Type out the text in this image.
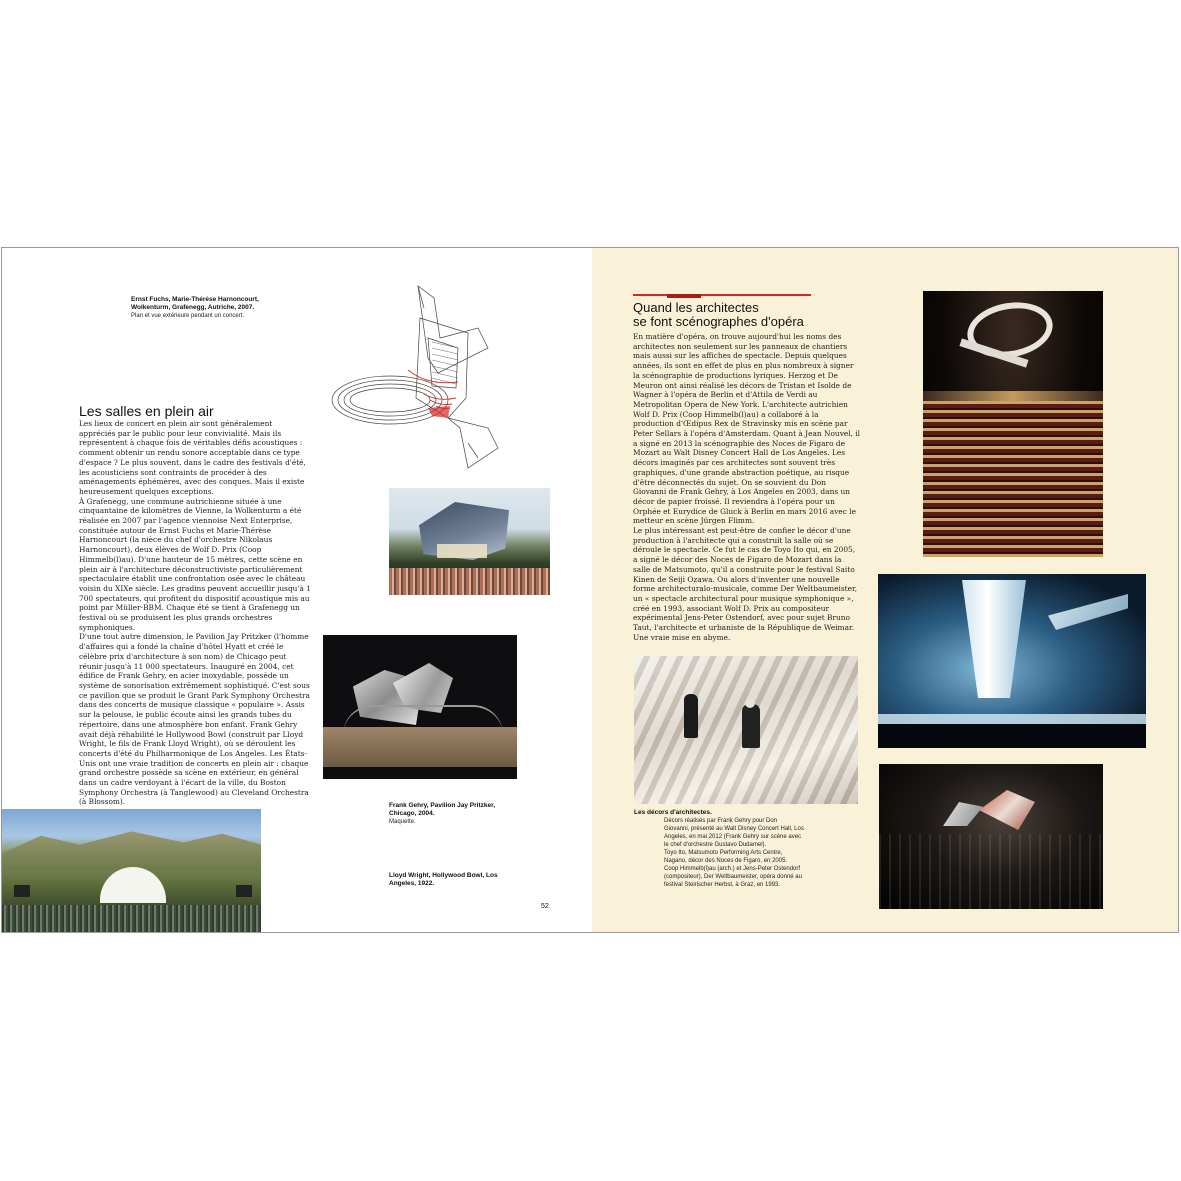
Ernst Fuchs, Marie-Thérèse Harnoncourt, Wolkenturm, Grafenegg, Autriche, 2007.
Plan et vue extérieure pendant un concert.
Les salles en plein air

Les lieux de concert en plein air sont généralement appréciés par le public pour leur convivialité. Mais ils représentent à chaque fois de véritables défis acoustiques : comment obtenir un rendu sonore acceptable dans ce type d'espace ? Le plus souvent, dans le cadre des festivals d'été, les acousticiens sont contraints de procéder à des aménagements éphémères, avec des conques. Mais il existe heureusement quelques exceptions.

À Grafenegg, une commune autrichienne située à une cinquantaine de kilomètres de Vienne, la Wolkenturm a été réalisée en 2007 par l'agence viennoise Next Enterprise, constituée autour de Ernst Fuchs et Marie-Thérèse Harnoncourt (la nièce du chef d'orchestre Nikolaus Harnoncourt), deux élèves de Wolf D. Prix (Coop Himmelb(l)au). D'une hauteur de 15 mètres, cette scène en plein air à l'architecture déconstructiviste particulièrement spectaculaire établit une confrontation osée avec le château voisin du XIXe siècle. Les gradins peuvent accueillir jusqu'à 1 700 spectateurs, qui profitent du dispositif acoustique mis au point par Müller-BBM. Chaque été se tient à Grafenegg un festival où se produisent les plus grands orchestres symphoniques.

D'une tout autre dimension, le Pavilion Jay Pritzker (l'homme d'affaires qui a fondé la chaîne d'hôtel Hyatt et créé le célèbre prix d'architecture à son nom) de Chicago peut réunir jusqu'à 11 000 spectateurs. Inauguré en 2004, cet édifice de Frank Gehry, en acier inoxydable, possède un système de sonorisation extrêmement sophistiqué. C'est sous ce pavillon que se produit le Grant Park Symphony Orchestra dans des concerts de musique classique « populaire ». Assis sur la pelouse, le public écoute ainsi les grands tubes du répertoire, dans une atmosphère bon enfant. Frank Gehry avait déjà réhabilité le Hollywood Bowl (construit par Lloyd Wright, le fils de Frank Lloyd Wright), où se déroulent les concerts d'été du Philharmonique de Los Angeles. Les États-Unis ont une vraie tradition de concerts en plein air : chaque grand orchestre possède sa scène en extérieur, en général dans un cadre verdoyant à l'écart de la ville, du Boston Symphony Orchestra (à Tanglewood) au Cleveland Orchestra (à Blossom).	Frank Gehry, Pavilion Jay Pritzker, Chicago, 2004.
Maquette.
Lloyd Wright, Hollywood Bowl, Los Angeles, 1922.
52
Quand les architectes
se font scénographes d'opéra

En matière d'opéra, on trouve aujourd'hui les noms des architectes non seulement sur les panneaux de chantiers mais aussi sur les affiches de spectacle. Depuis quelques années, ils sont en effet de plus en plus nombreux à signer la scénographie de productions lyriques. Herzog et De Meuron ont ainsi réalisé les décors de Tristan et Isolde de Wagner à l'opéra de Berlin et d'Attila de Verdi au Metropolitan Opera de New York. L'architecte autrichien Wolf D. Prix (Coop Himmelb(l)au) a collaboré à la production d'Œdipus Rex de Stravinsky mis en scène par Peter Sellars à l'opéra d'Amsterdam. Quant à Jean Nouvel, il a signé en 2013 la scénographie des Noces de Figaro de Mozart au Walt Disney Concert Hall de Los Angeles. Les décors imaginés par ces architectes sont souvent très graphiques, d'une grande abstraction poétique, au risque d'être déconnectés du sujet. On se souvient du Don Giovanni de Frank Gehry, à Los Angeles en 2003, dans un décor de papier froissé. Il reviendra à l'opéra pour un Orphée et Eurydice de Gluck à Berlin en mars 2016 avec le metteur en scène Jürgen Flimm.

Le plus intéressant est peut-être de confier le décor d'une production à l'architecte qui a construit la salle où se déroule le spectacle. Ce fut le cas de Toyo Ito qui, en 2005, a signé le décor des Noces de Figaro de Mozart dans la salle de Matsumoto, qu'il a construite pour le festival Saito Kinen de Seiji Ozawa. Ou alors d'inventer une nouvelle forme architecturalo-musicale, comme Der Weltbaumeister, un « spectacle architectural pour musique symphonique », créé en 1993, associant Wolf D. Prix au compositeur expérimental Jens-Peter Ostendorf, avec pour sujet Bruno Taut, l'architecte et urbaniste de la République de Weimar. Une vraie mise en abyme.

Les décors d'architectes.
Décors réalisés par Frank Gehry pour Don Giovanni, présenté au Walt Disney Concert Hall, Los Angeles, en mai 2012 (Frank Gehry sur scène avec le chef d'orchestre Gustavo Dudamel).
Toyo Ito, Matsumoto Performing Arts Centre, Nagano, décor des Noces de Figaro, en 2005.
Coop Himmelb(l)au (arch.) et Jens-Peter Ostendorf (compositeur), Der Weltbaumeister, opéra donné au festival Steirischer Herbst, à Graz, en 1993.
